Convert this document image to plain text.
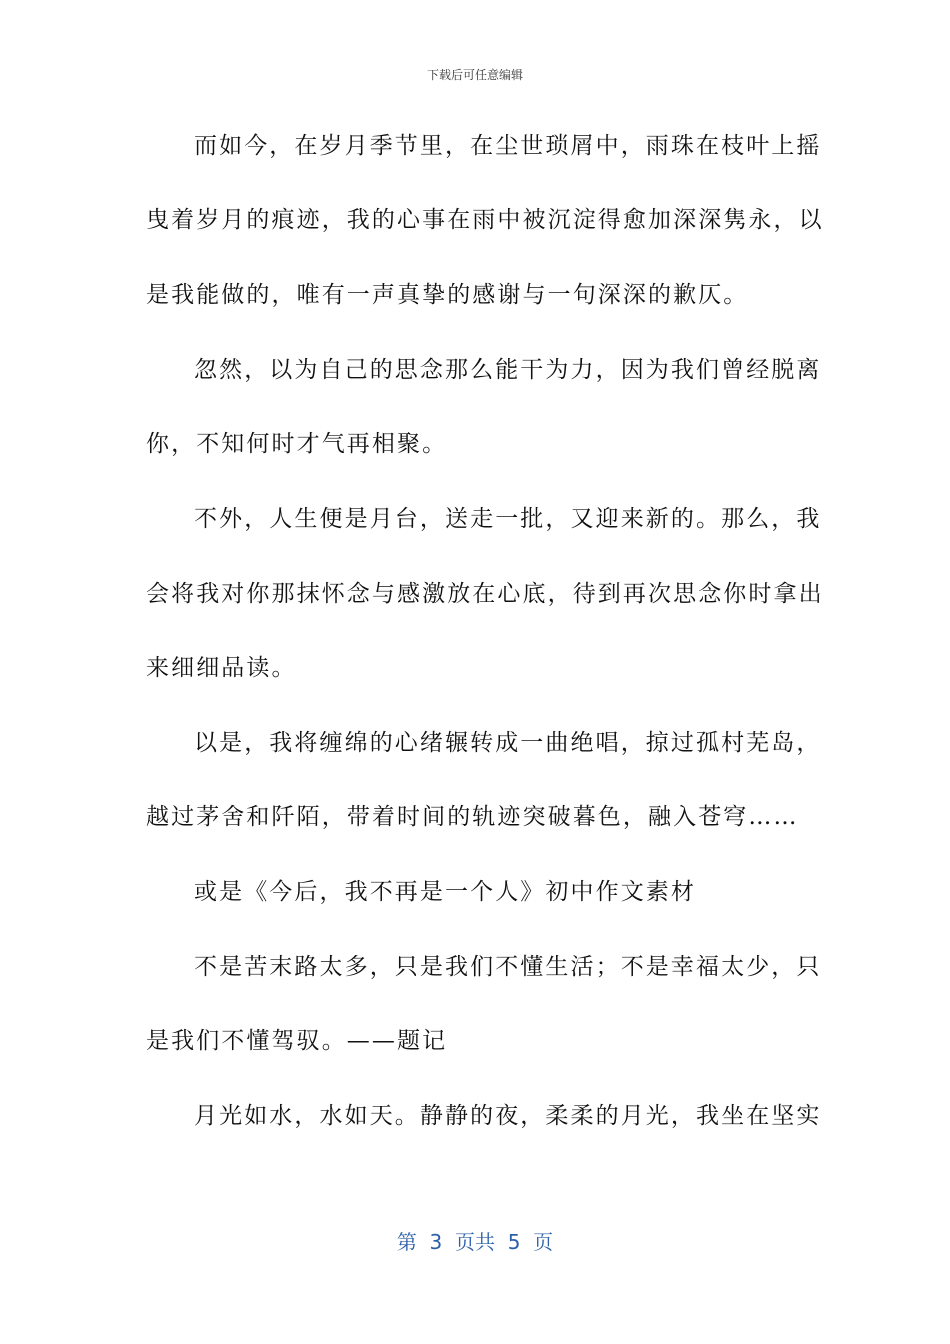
下载后可任意编辑
而如今，在岁月季节里，在尘世琐屑中，雨珠在枝叶上摇
曳着岁月的痕迹，我的心事在雨中被沉淀得愈加深深隽永，以
是我能做的，唯有一声真挚的感谢与一句深深的歉仄。
忽然，以为自己的思念那么能干为力，因为我们曾经脱离
你，不知何时才气再相聚。
不外，人生便是月台，送走一批，又迎来新的。那么，我
会将我对你那抹怀念与感激放在心底，待到再次思念你时拿出
来细细品读。
以是，我将缠绵的心绪辗转成一曲绝唱，掠过孤村芜岛，
越过茅舍和阡陌，带着时间的轨迹突破暮色，融入苍穹……
或是《今后，我不再是一个人》初中作文素材
不是苦末路太多，只是我们不懂生活；不是幸福太少，只
是我们不懂驾驭。——题记
月光如水，水如天。静静的夜，柔柔的月光，我坐在坚实
第  3  页共  5  页
